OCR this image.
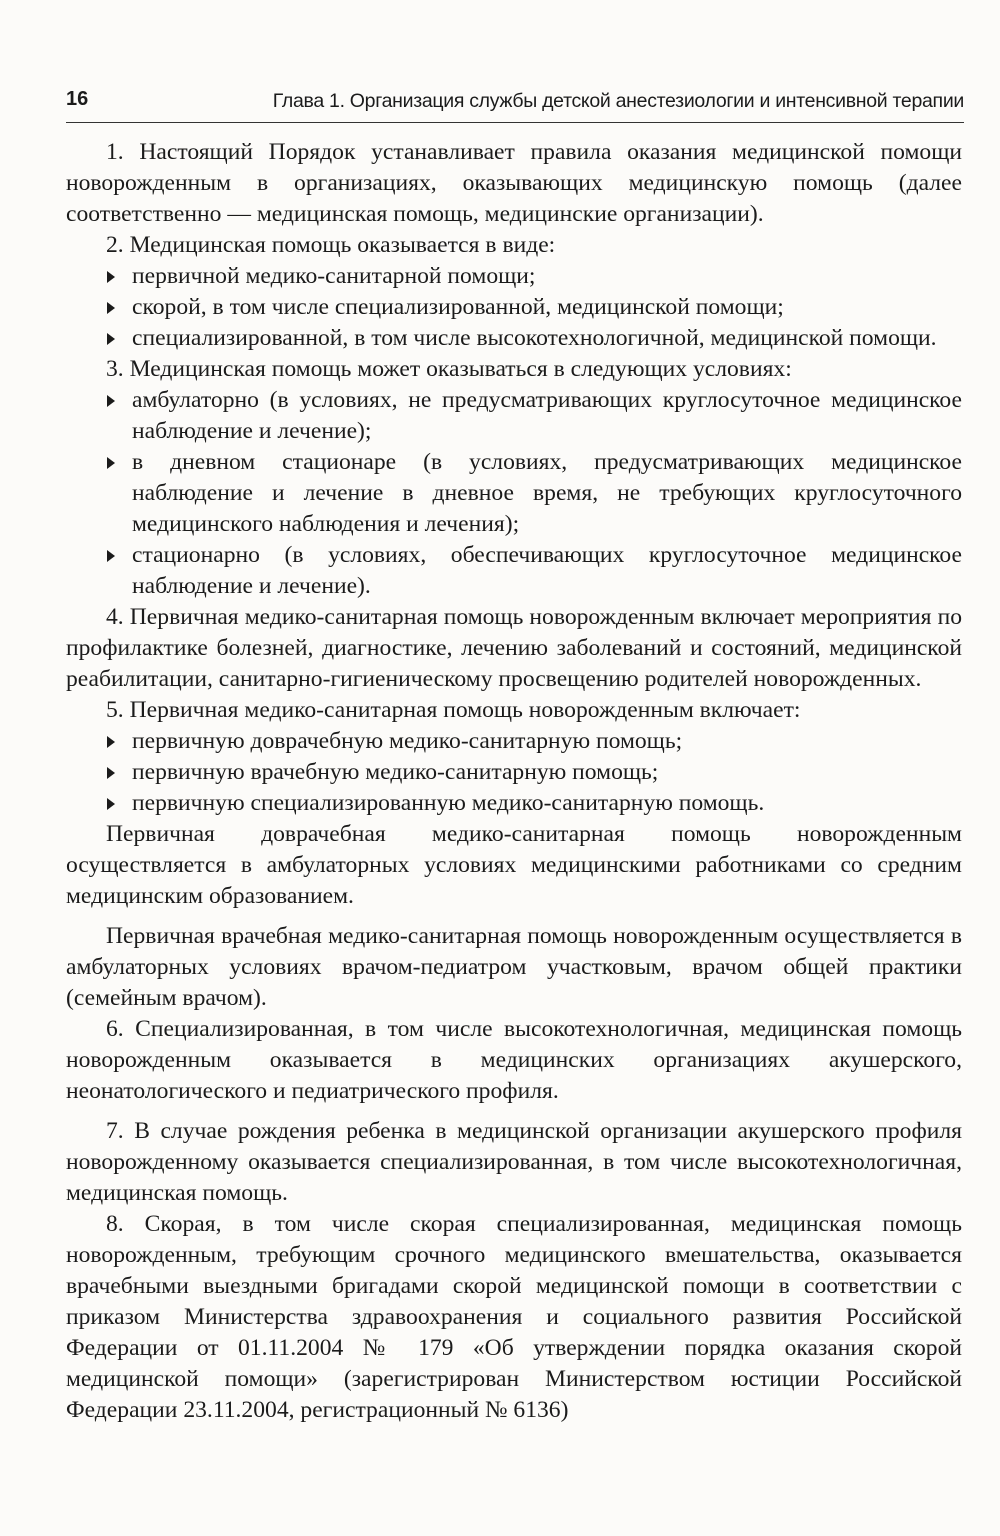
16	Глава 1. Организация службы детской анестезиологии и интенсивной терапии

1. Настоящий Порядок устанавливает правила оказания медицинской помощи новорожденным в организациях, оказывающих медицинскую помощь (далее соответственно — медицинская помощь, медицинские организации).

2. Медицинская помощь оказывается в виде:

первичной медико-санитарной помощи;

скорой, в том числе специализированной, медицинской помощи;

специализированной, в том числе высокотехнологичной, медицинской помощи.

3. Медицинская помощь может оказываться в следующих условиях:

амбулаторно (в условиях, не предусматривающих круглосуточное медицинское наблюдение и лечение);

в дневном стационаре (в условиях, предусматривающих медицинское наблюдение и лечение в дневное время, не требующих круглосуточного медицинского наблюдения и лечения);

стационарно (в условиях, обеспечивающих круглосуточное медицинское наблюдение и лечение).

4. Первичная медико-санитарная помощь новорожденным включает мероприятия по профилактике болезней, диагностике, лечению заболеваний и состояний, медицинской реабилитации, санитарно-гигиеническому просвещению родителей новорожденных.

5. Первичная медико-санитарная помощь новорожденным включает:

первичную доврачебную медико-санитарную помощь;

первичную врачебную медико-санитарную помощь;

первичную специализированную медико-санитарную помощь.

Первичная доврачебная медико-санитарная помощь новорожденным осуществляется в амбулаторных условиях медицинскими работниками со средним медицинским образованием.

Первичная врачебная медико-санитарная помощь новорожденным осуществляется в амбулаторных условиях врачом-педиатром участковым, врачом общей практики (семейным врачом).

6. Специализированная, в том числе высокотехнологичная, медицинская помощь новорожденным оказывается в медицинских организациях акушерского, неонатологического и педиатрического профиля.

7. В случае рождения ребенка в медицинской организации акушерского профиля новорожденному оказывается специализированная, в том числе высокотехнологичная, медицинская помощь.

8. Скорая, в том числе скорая специализированная, медицинская помощь новорожденным, требующим срочного медицинского вмешательства, оказывается врачебными выездными бригадами скорой медицинской помощи в соответствии с приказом Министерства здравоохранения и социального развития Российской Федерации от 01.11.2004 № 179 «Об утверждении порядка оказания скорой медицинской помощи» (зарегистрирован Министерством юстиции Российской Федерации 23.11.2004, регистрационный № 6136)
